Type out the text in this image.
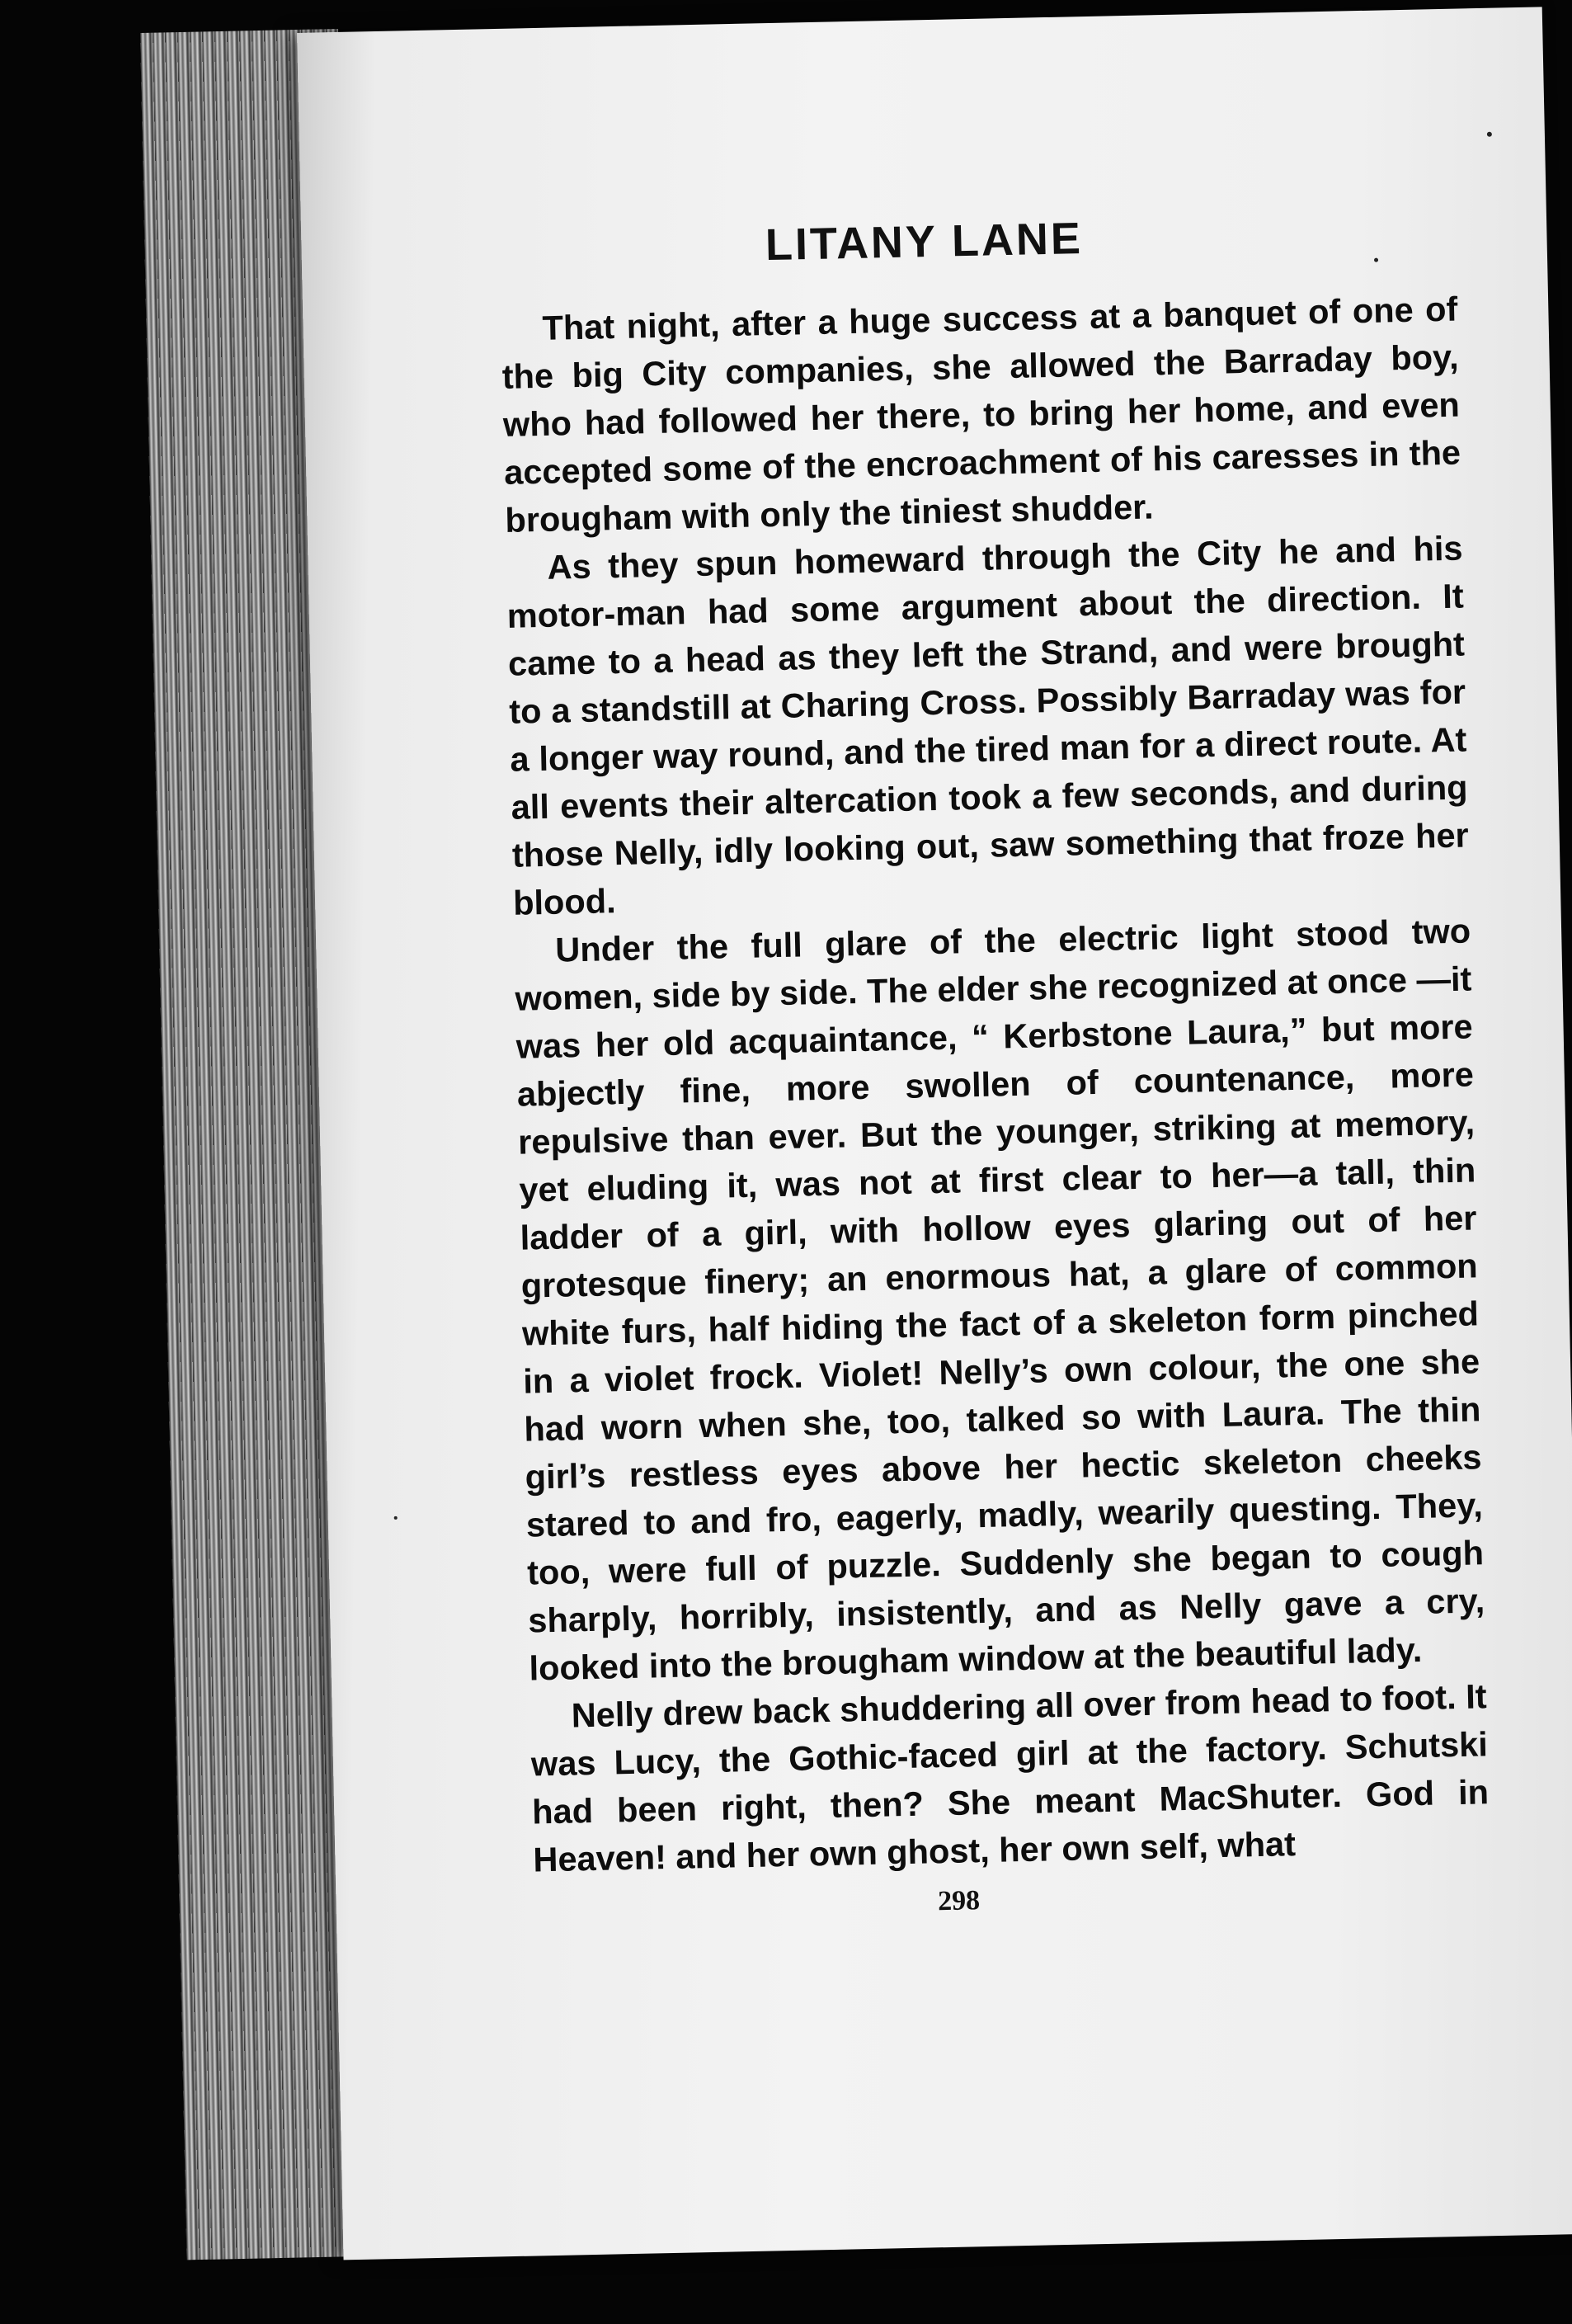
LITANY LANE

That night, after a huge success at a banquet of one of the big City companies, she allowed the Barraday boy, who had followed her there, to bring her home, and even accepted some of the encroachment of his caresses in the brougham with only the tiniest shudder.

As they spun homeward through the City he and his motor-man had some argument about the direction. It came to a head as they left the Strand, and were brought to a standstill at Charing Cross. Possibly Barraday was for a longer way round, and the tired man for a direct route. At all events their altercation took a few seconds, and during those Nelly, idly looking out, saw something that froze her blood.

Under the full glare of the electric light stood two women, side by side. The elder she recognized at once —it was her old acquaintance, “ Kerbstone Laura,” but more abjectly fine, more swollen of countenance, more repulsive than ever. But the younger, striking at memory, yet eluding it, was not at first clear to her—a tall, thin ladder of a girl, with hollow eyes glaring out of her grotesque finery; an enormous hat, a glare of common white furs, half hiding the fact of a skeleton form pinched in a violet frock. Violet! Nelly’s own colour, the one she had worn when she, too, talked so with Laura. The thin girl’s restless eyes above her hectic skeleton cheeks stared to and fro, eagerly, madly, wearily questing. They, too, were full of puzzle. Suddenly she began to cough sharply, horribly, insistently, and as Nelly gave a cry, looked into the brougham window at the beautiful lady.

Nelly drew back shuddering all over from head to foot. It was Lucy, the Gothic-faced girl at the factory. Schutski had been right, then? She meant MacShuter. God in Heaven! and her own ghost, her own self, what

298
